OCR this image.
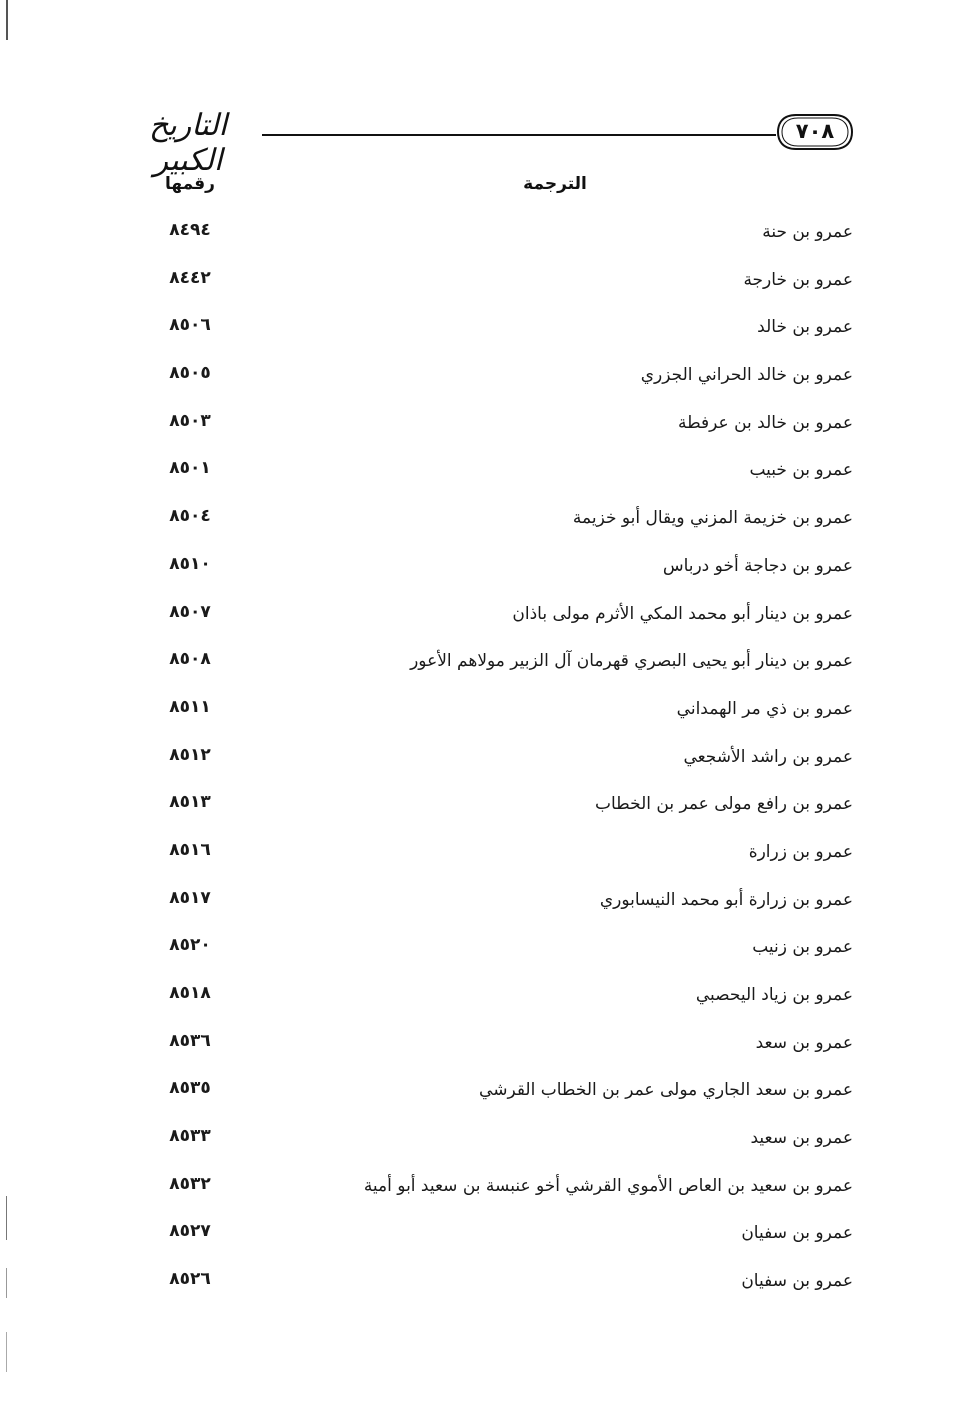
التاريخ الكبير
٧٠٨
الترجمة
رقمها
عمرو بن حنة
٨٤٩٤
عمرو بن خارجة
٨٤٤٢
عمرو بن خالد
٨٥٠٦
عمرو بن خالد الحراني الجزري
٨٥٠٥
عمرو بن خالد بن عرفطة
٨٥٠٣
عمرو بن خبيب
٨٥٠١
عمرو بن خزيمة المزني ويقال أبو خزيمة
٨٥٠٤
عمرو بن دجاجة أخو درباس
٨٥١٠
عمرو بن دينار أبو محمد المكي الأثرم مولى باذان
٨٥٠٧
عمرو بن دينار أبو يحيى البصري قهرمان آل الزبير مولاهم الأعور
٨٥٠٨
عمرو بن ذي مر الهمداني
٨٥١١
عمرو بن راشد الأشجعي
٨٥١٢
عمرو بن رافع مولى عمر بن الخطاب
٨٥١٣
عمرو بن زرارة
٨٥١٦
عمرو بن زرارة أبو محمد النيسابوري
٨٥١٧
عمرو بن زنيب
٨٥٢٠
عمرو بن زياد اليحصبي
٨٥١٨
عمرو بن سعد
٨٥٣٦
عمرو بن سعد الجاري مولى عمر بن الخطاب القرشي
٨٥٣٥
عمرو بن سعيد
٨٥٣٣
عمرو بن سعيد بن العاص الأموي القرشي أخو عنبسة بن سعيد أبو أمية
٨٥٣٢
عمرو بن سفيان
٨٥٢٧
عمرو بن سفيان
٨٥٢٦
